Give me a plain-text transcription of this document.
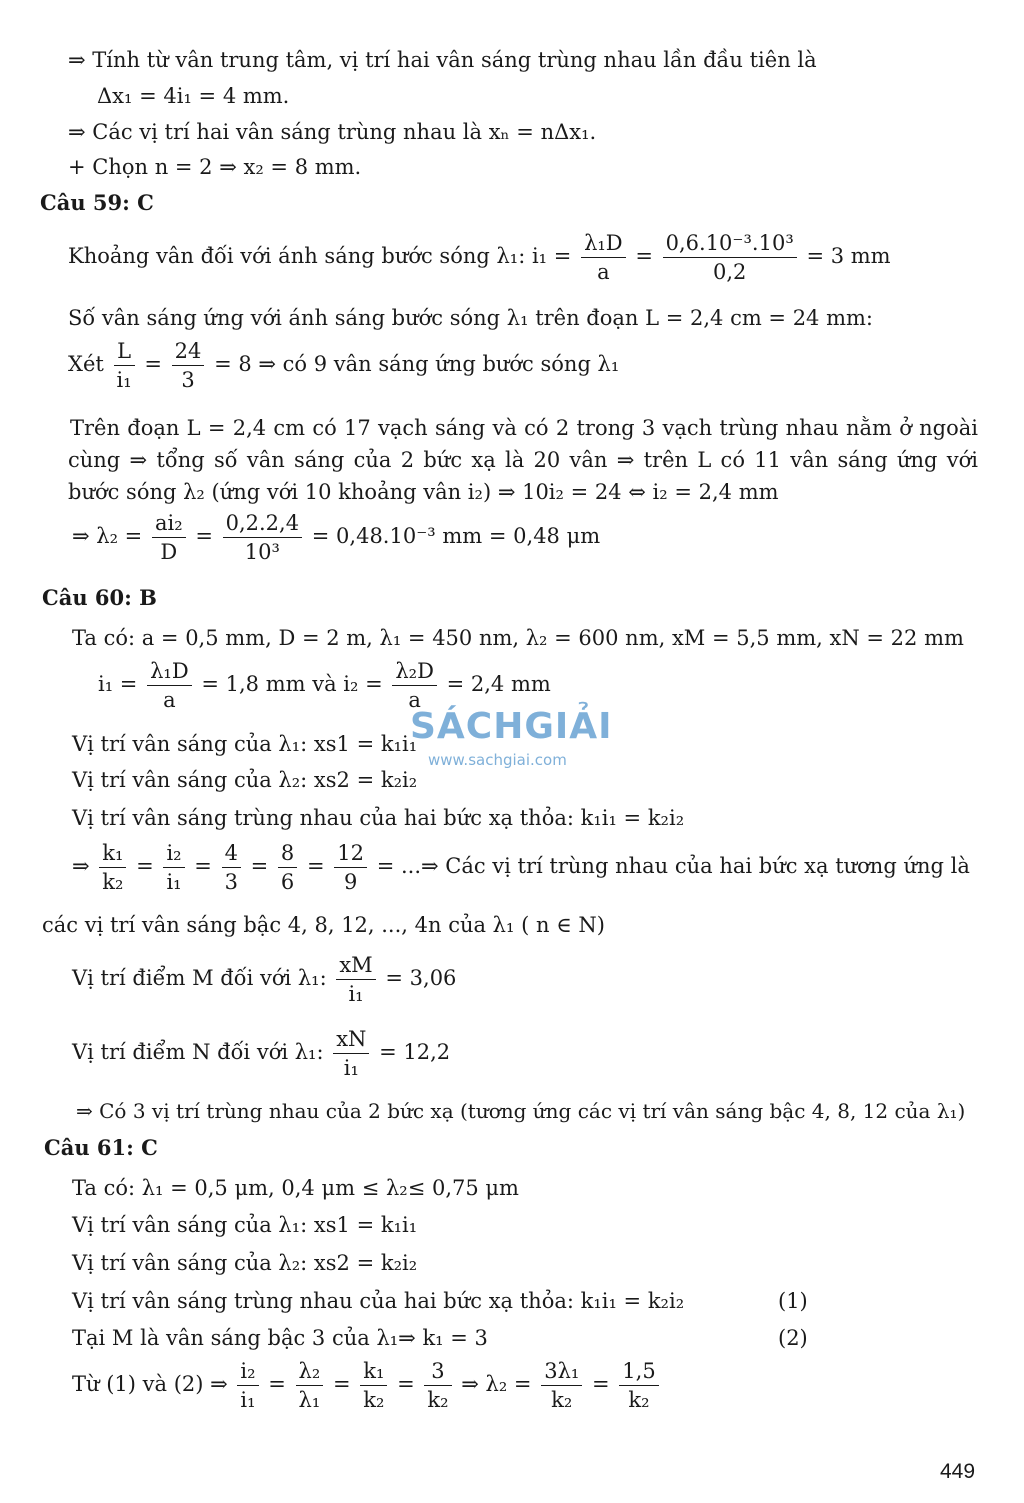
⇒ Tính từ vân trung tâm, vị trí hai vân sáng trùng nhau lần đầu tiên là
Δx₁ = 4i₁ = 4 mm.
⇒ Các vị trí hai vân sáng trùng nhau là xₙ = nΔx₁.
+ Chọn n = 2 ⇒ x₂ = 8 mm.
Câu 59: C
Khoảng vân đối với ánh sáng bước sóng λ₁: $i_1 = \frac{\text{λ₁D}}{a} = \frac{\text{0,6.10⁻³.10³}}{0,2} = 3$ mm
Số vân sáng ứng với ánh sáng bước sóng λ₁ trên đoạn L = 2,4 cm = 24 mm:
Xét $\frac{L}{\text{i₁}} = \frac{24}{3} = 8$ ⇒ có 9 vân sáng ứng bước sóng λ₁
Trên đoạn L = 2,4 cm có 17 vạch sáng và có 2 trong 3 vạch trùng nhau nằm ở ngoài cùng ⇒ tổng số vân sáng của 2 bức xạ là 20 vân ⇒ trên L có 11 vân sáng ứng với bước sóng λ₂ (ứng với 10 khoảng vân i₂) ⇒ 10i₂ = 24 ⇔ i₂ = 2,4 mm
⇒ $\lambda_2 = \frac{\text{ai₂}}{D} = \frac{0,2.2,4}{\text{10³}} = 0,48.10^{-3}$ mm = 0,48 μm
Câu 60: B
Ta có: a = 0,5 mm, D = 2 m, λ₁ = 450 nm, λ₂ = 600 nm, xM = 5,5 mm, xN = 22 mm
$i_1 = \frac{\text{λ₁D}}{a} = 1,8$ mm và $i_2 = \frac{\text{λ₂D}}{a} = 2,4$ mm
Vị trí vân sáng của λ₁: xs1 = k₁i₁
Vị trí vân sáng của λ₂: xs2 = k₂i₂
Vị trí vân sáng trùng nhau của hai bức xạ thỏa: k₁i₁ = k₂i₂
⇒ $\frac{\text{k₁}}{\text{k₂}} = \frac{\text{i₂}}{\text{i₁}} = \frac{4}{3} = \frac{8}{6} = \frac{12}{9}$ = ...⇒ Các vị trí trùng nhau của hai bức xạ tương ứng là
các vị trí vân sáng bậc 4, 8, 12, ..., 4n của λ₁ ( n ∈ N)
Vị trí điểm M đối với λ₁: $\frac{xM}{\text{i₁}} = 3,06$
Vị trí điểm N đối với λ₁: $\frac{xN}{\text{i₁}} = 12,2$
⇒ Có 3 vị trí trùng nhau của 2 bức xạ (tương ứng các vị trí vân sáng bậc 4, 8, 12 của λ₁)
Câu 61: C
Ta có: λ₁ = 0,5 μm, 0,4 μm ≤ λ₂≤ 0,75 μm
Vị trí vân sáng của λ₁: xs1 = k₁i₁
Vị trí vân sáng của λ₂: xs2 = k₂i₂
Vị trí vân sáng trùng nhau của hai bức xạ thỏa: k₁i₁ = k₂i₂	(1)
Tại M là vân sáng bậc 3 của λ₁⇒ k₁ = 3	(2)
Từ (1) và (2) ⇒ $\frac{\text{i₂}}{\text{i₁}} = \frac{\text{λ₂}}{\text{λ₁}} = \frac{\text{k₁}}{\text{k₂}} = \frac{3}{\text{k₂}}$ ⇒ $\lambda_2 = \frac{\text{3λ₁}}{\text{k₂}} = \frac{1,5}{\text{k₂}}$
SÁCHGIẢI
www.sachgiai.com
449
